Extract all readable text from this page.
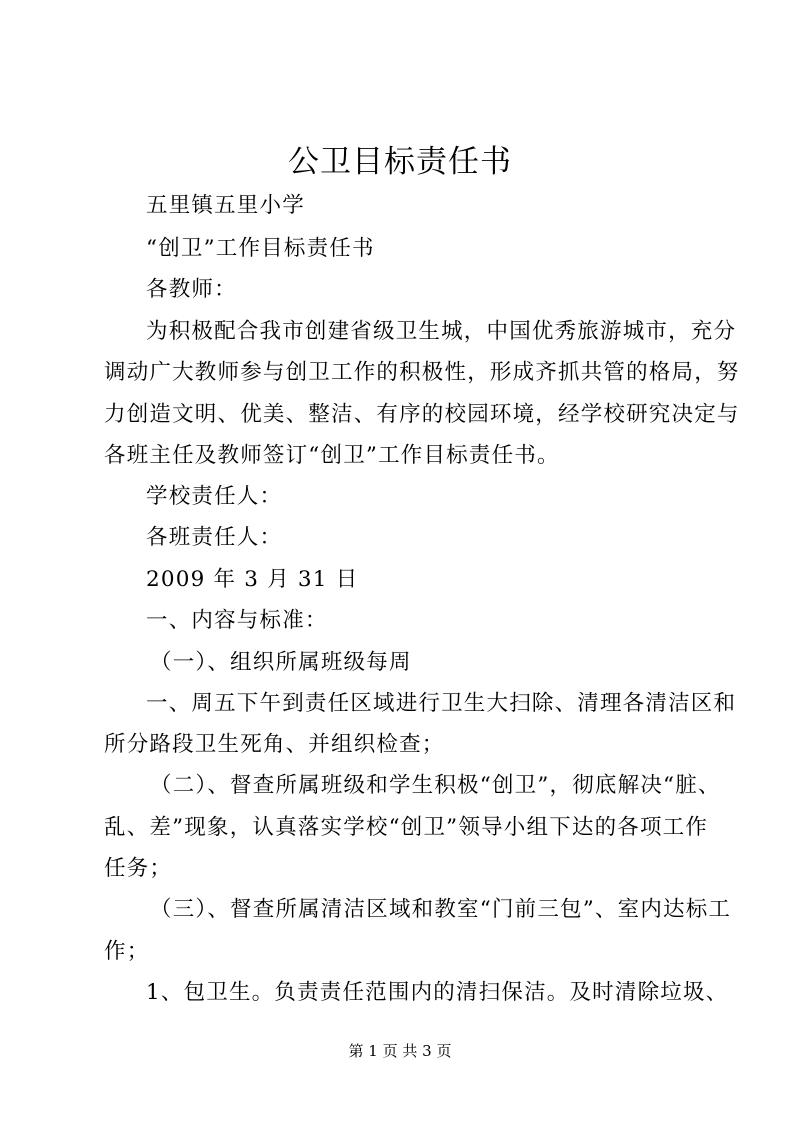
公卫目标责任书
五里镇五里小学
“创卫”工作目标责任书
各教师：
为积极配合我市创建省级卫生城，中国优秀旅游城市，充分
调动广大教师参与创卫工作的积极性，形成齐抓共管的格局，努
力创造文明、优美、整洁、有序的校园环境，经学校研究决定与
各班主任及教师签订“创卫”工作目标责任书。
学校责任人：
各班责任人：
2009 年 3 月 31 日
一、内容与标准：
（一）、组织所属班级每周
一、周五下午到责任区域进行卫生大扫除、清理各清洁区和
所分路段卫生死角、并组织检查；
（二）、督查所属班级和学生积极“创卫”，彻底解决“脏、
乱、差”现象，认真落实学校“创卫”领导小组下达的各项工作
任务；
（三）、督查所属清洁区域和教室“门前三包”、室内达标工
作；
1、包卫生。负责责任范围内的清扫保洁。及时清除垃圾、
第 1 页 共 3 页
